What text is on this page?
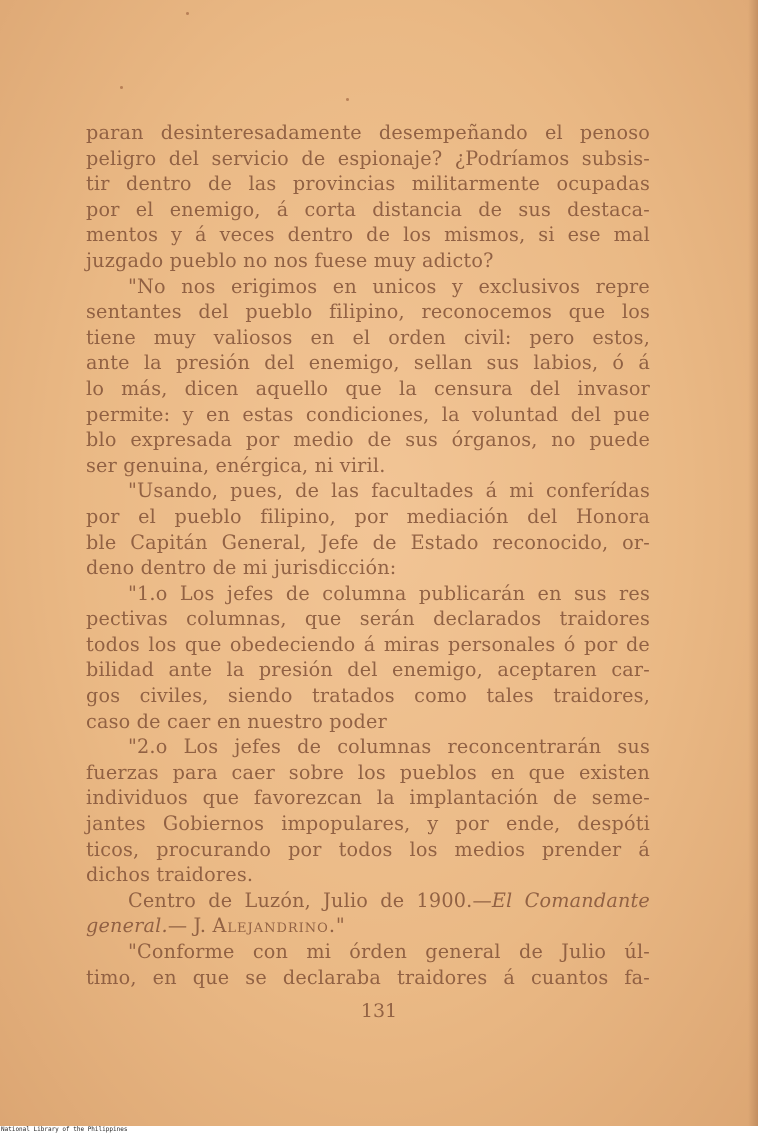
paran desinteresadamente desempeñando el penoso
peligro del servicio de espionaje? ¿Podríamos subsis-
tir dentro de las provincias militarmente ocupadas
por el enemigo, á corta distancia de sus destaca-
mentos y á veces dentro de los mismos, si ese mal
juzgado pueblo no nos fuese muy adicto?
"No nos erigimos en unicos y exclusivos repre
sentantes del pueblo filipino, reconocemos que los
tiene muy valiosos en el orden civil: pero estos,
ante la presión del enemigo, sellan sus labios, ó á
lo más, dicen aquello que la censura del invasor
permite: y en estas condiciones, la voluntad del pue
blo expresada por medio de sus órganos, no puede
ser genuina, enérgica, ni viril.
"Usando, pues, de las facultades á mi conferídas
por el pueblo filipino, por mediación del Honora
ble Capitán General, Jefe de Estado reconocido, or-
deno dentro de mi jurisdicción:
"1.o Los jefes de columna publicarán en sus res
pectivas columnas, que serán declarados traidores
todos los que obedeciendo á miras personales ó por de
bilidad ante la presión del enemigo, aceptaren car-
gos civiles, siendo tratados como tales traidores,
caso de caer en nuestro poder
"2.o Los jefes de columnas reconcentrarán sus
fuerzas para caer sobre los pueblos en que existen
individuos que favorezcan la implantación de seme-
jantes Gobiernos impopulares, y por ende, despóti
ticos, procurando por todos los medios prender á
dichos traidores.
Centro de Luzón, Julio de 1900.—El Comandante
general.— J. Alejandrino."
"Conforme con mi órden general de Julio úl-
timo, en que se declaraba traidores á cuantos fa-
131
National Library of the Philippines
